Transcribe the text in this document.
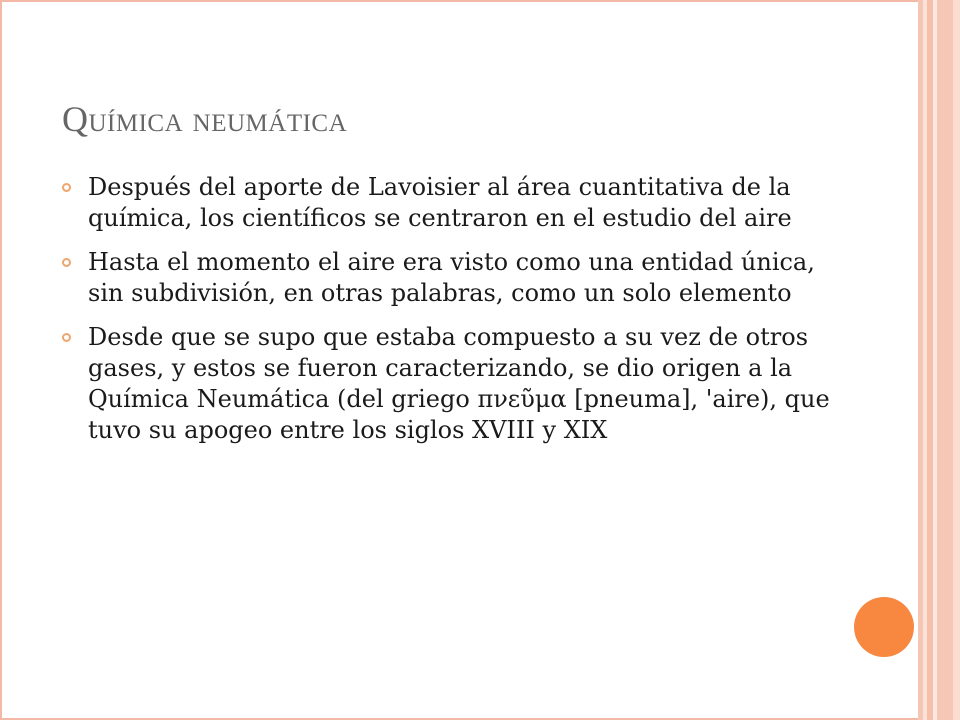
Química neumática
Después del aporte de Lavoisier al área cuantitativa de la química, los científicos se centraron en el estudio del aire
Hasta el momento el aire era visto como una entidad única, sin subdivisión, en otras palabras, como un solo elemento
Desde que se supo que estaba compuesto a su vez de otros gases, y estos se fueron caracterizando, se dio origen a la Química Neumática (del griego πνεῦμα [pneuma], 'aire), que tuvo su apogeo entre los siglos XVIII y XIX
